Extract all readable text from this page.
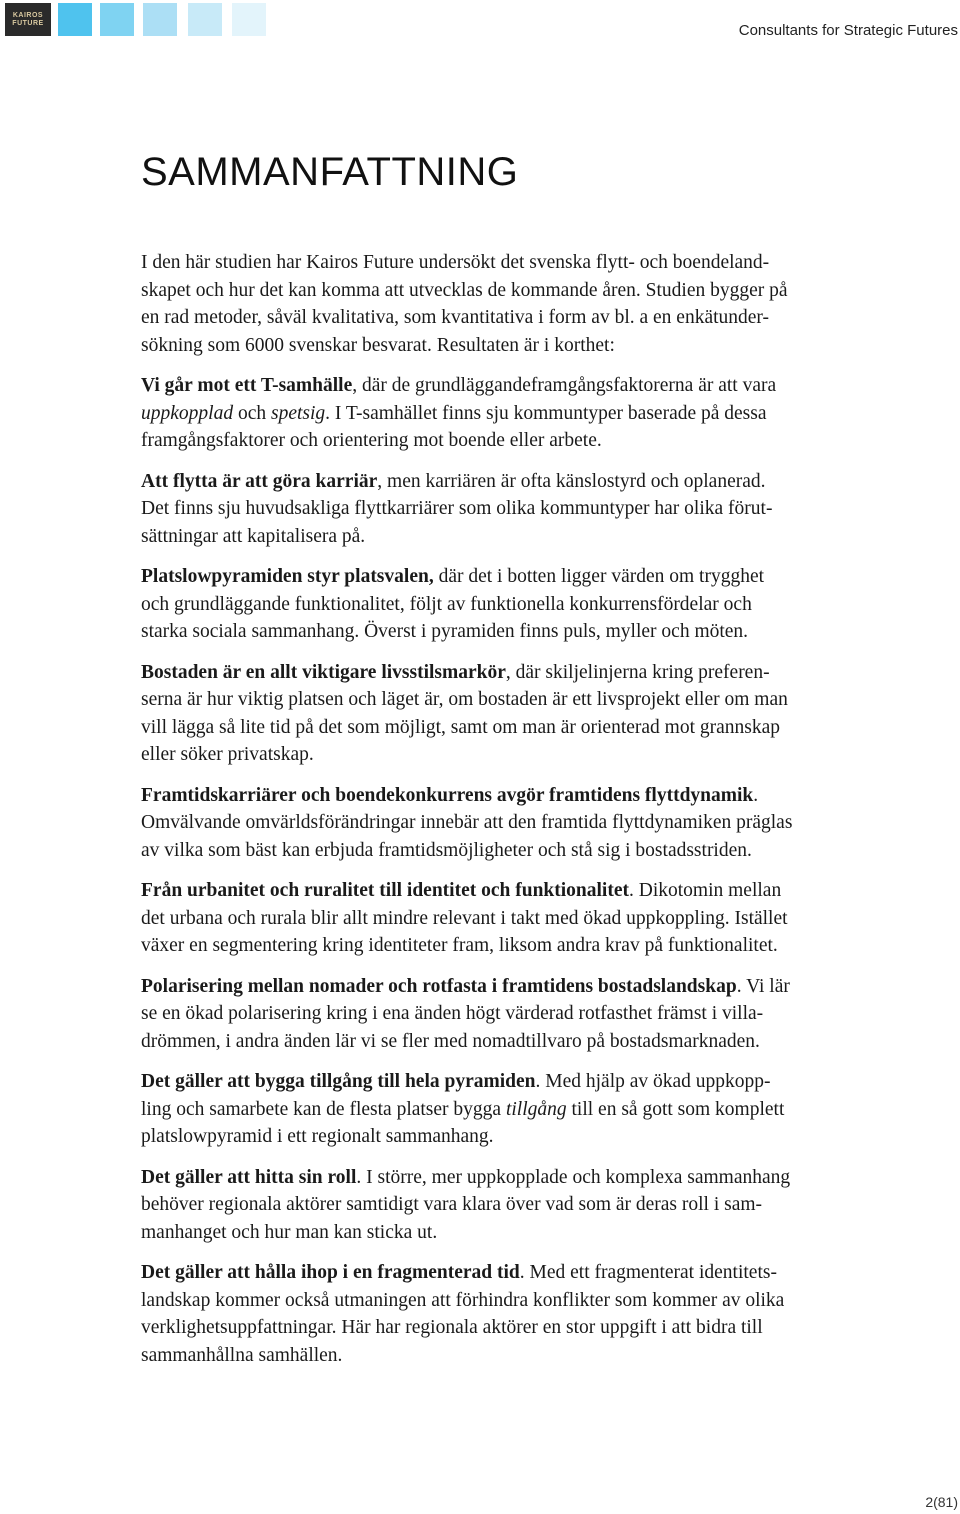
KAIROS
FUTURE	Consultants for Strategic Futures
SAMMANFATTNING

I den här studien har Kairos Future undersökt det svenska flytt- och boendeland-
skapet och hur det kan komma att utvecklas de kommande åren. Studien bygger på
en rad metoder, såväl kvalitativa, som kvantitativa i form av bl. a en enkätunder-
sökning som 6000 svenskar besvarat. Resultaten är i korthet:
Vi går mot ett T-samhälle, där de grundläggandeframgångsfaktorerna är att vara
uppkopplad och spetsig. I T-samhället finns sju kommuntyper baserade på dessa
framgångsfaktorer och orientering mot boende eller arbete.

Att flytta är att göra karriär, men karriären är ofta känslostyrd och oplanerad.
Det finns sju huvudsakliga flyttkarriärer som olika kommuntyper har olika förut-
sättningar att kapitalisera på.

Platslowpyramiden styr platsvalen, där det i botten ligger värden om trygghet
och grundläggande funktionalitet, följt av funktionella konkurrensfördelar och
starka sociala sammanhang. Överst i pyramiden finns puls, myller och möten.

Bostaden är en allt viktigare livsstilsmarkör, där skiljelinjerna kring preferen-
serna är hur viktig platsen och läget är, om bostaden är ett livsprojekt eller om man
vill lägga så lite tid på det som möjligt, samt om man är orienterad mot grannskap
eller söker privatskap.

Framtidskarriärer och boendekonkurrens avgör framtidens flyttdynamik.
Omvälvande omvärldsförändringar innebär att den framtida flyttdynamiken präglas
av vilka som bäst kan erbjuda framtidsmöjligheter och stå sig i bostadsstriden.

Från urbanitet och ruralitet till identitet och funktionalitet. Dikotomin mellan
det urbana och rurala blir allt mindre relevant i takt med ökad uppkoppling. Istället
växer en segmentering kring identiteter fram, liksom andra krav på funktionalitet.

Polarisering mellan nomader och rotfasta i framtidens bostadslandskap. Vi lär
se en ökad polarisering kring i ena änden högt värderad rotfasthet främst i villa-
drömmen, i andra änden lär vi se fler med nomadtillvaro på bostadsmarknaden.

Det gäller att bygga tillgång till hela pyramiden. Med hjälp av ökad uppkopp-
ling och samarbete kan de flesta platser bygga tillgång till en så gott som komplett
platslowpyramid i ett regionalt sammanhang.

Det gäller att hitta sin roll. I större, mer uppkopplade och komplexa sammanhang
behöver regionala aktörer samtidigt vara klara över vad som är deras roll i sam-
manhanget och hur man kan sticka ut.

Det gäller att hålla ihop i en fragmenterad tid. Med ett fragmenterat identitets-
landskap kommer också utmaningen att förhindra konflikter som kommer av olika
verklighetsuppfattningar. Här har regionala aktörer en stor uppgift i att bidra till
sammanhållna samhällen.

2(81)
